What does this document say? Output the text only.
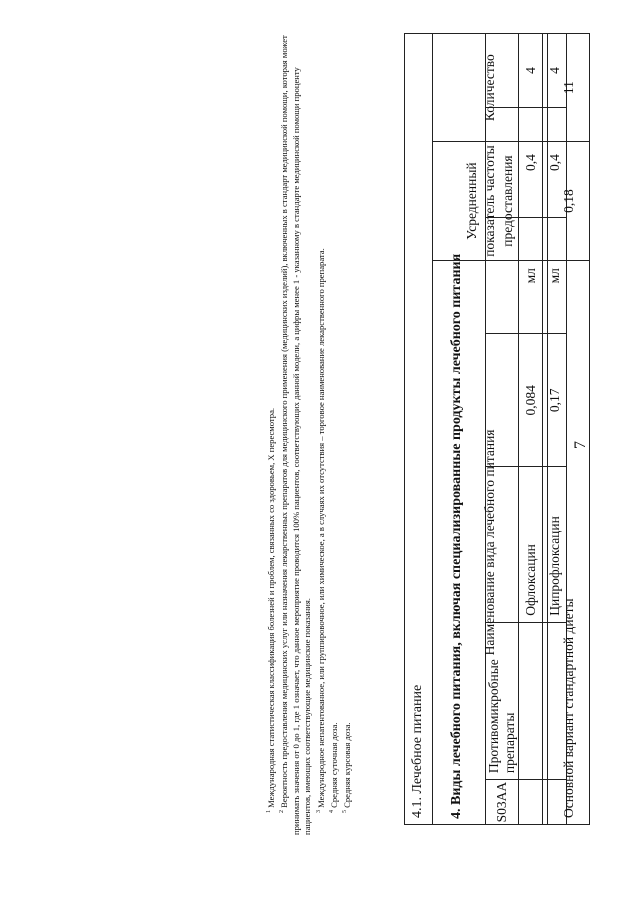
7
S03AA	Противомикробные препараты					
		Офлоксацин	0,084	мл	0,4	4
		Ципрофлоксацин	0,17	мл	0,4	4
4. Виды лечебного питания, включая специализированные продукты лечебного питания
4.1. Лечебное питание		
Наименование вида лечебного питания	Усредненный показатель частоты предоставления	Количество
Основной вариант стандартной диеты	0,18	11

$^1$ Международная статистическая классификация болезней и проблем, связанных со здоровьем, X пересмотра.

$^2$ Вероятность предоставления медицинских услуг или назначения лекарственных препаратов для медицинского применения (медицинских изделий), включенных в стандарт медицинской помощи, которая может принимать значения от 0 до 1, где 1 означает, что данное мероприятие проводится 100% пациентов, соответствующих данной модели, а цифры менее 1 - указанному в стандарте медицинской помощи проценту пациентов, имеющих соответствующие медицинские показания. $^3$ Международное непатентованное, или группировочное, или химическое, а в случаях их отсутствия – торговое наименование лекарственного препарата.

$^4$ Средняя суточная доза.

$^5$ Средняя курсовая доза.
